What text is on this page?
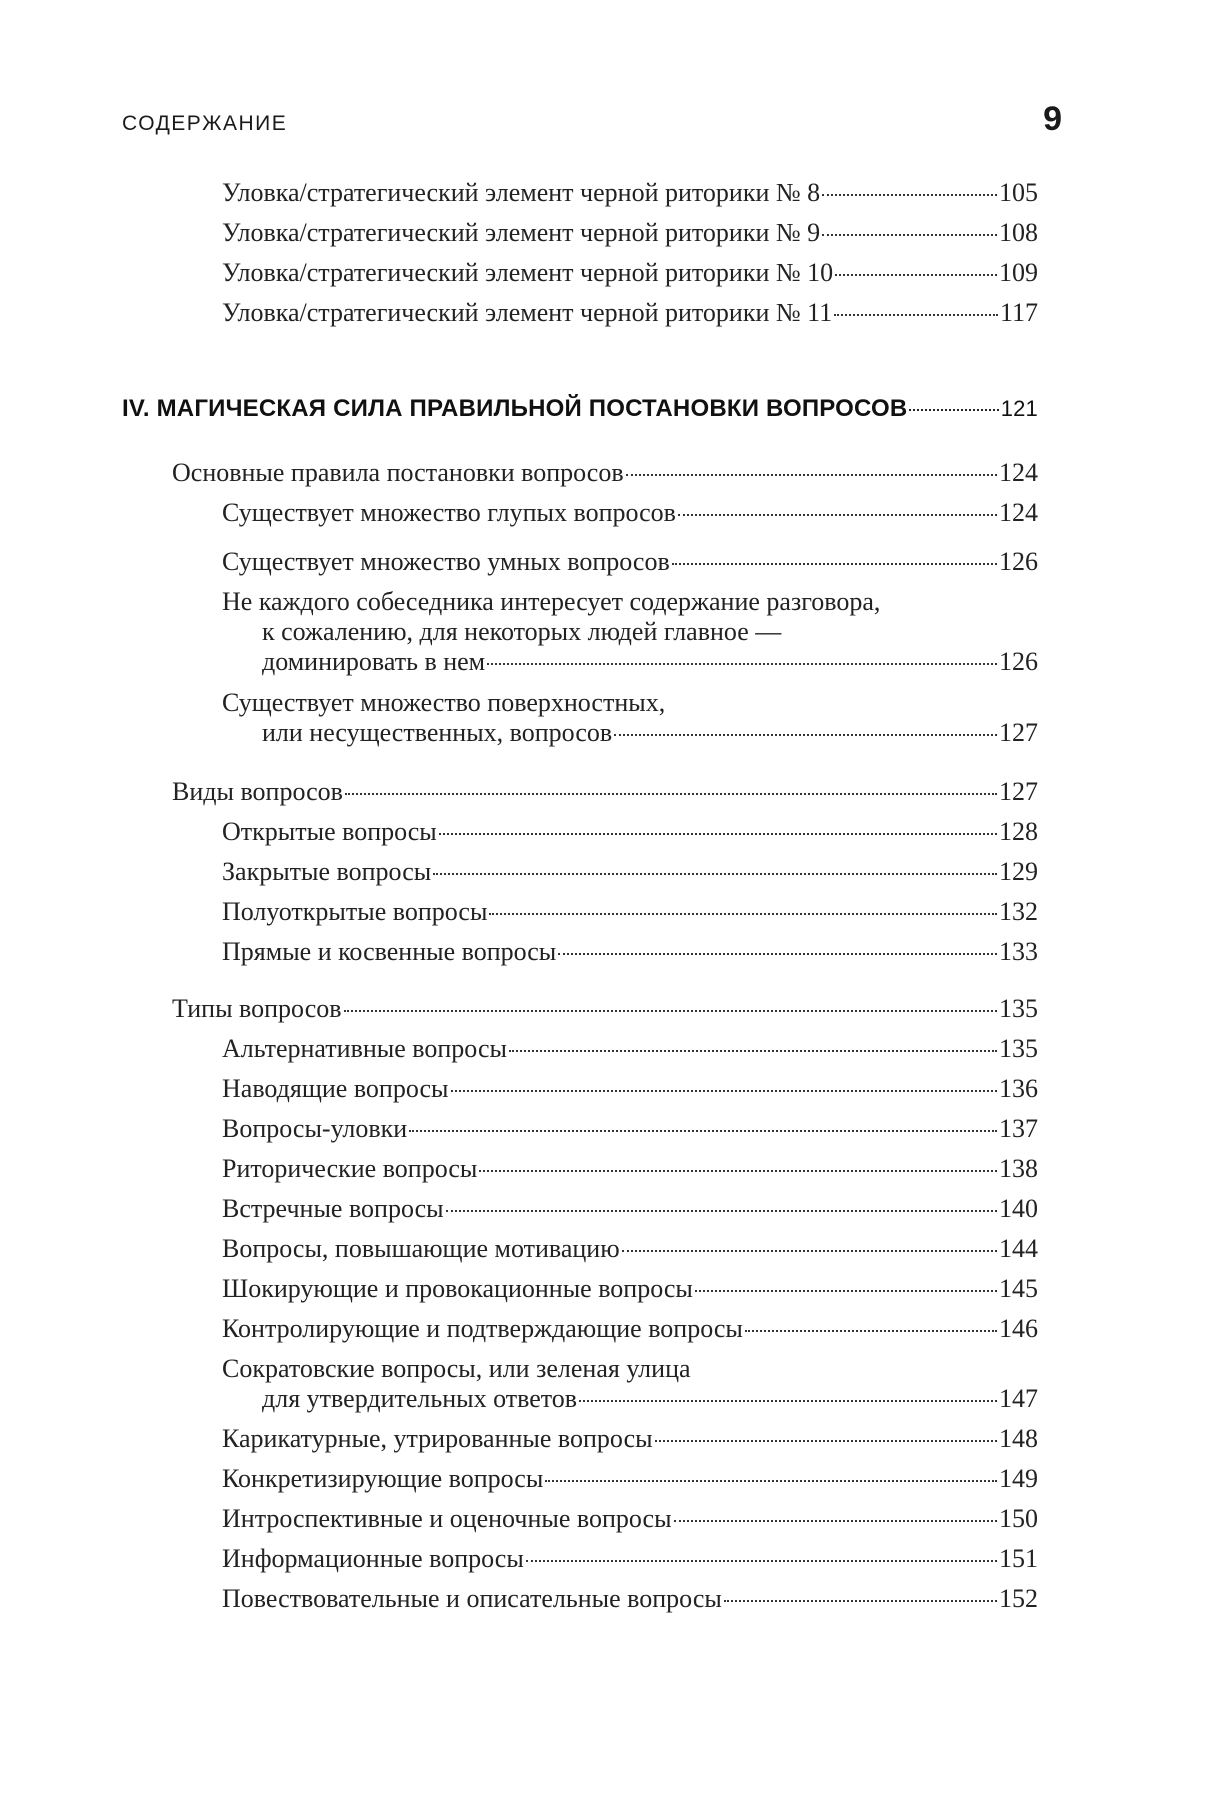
СОДЕРЖАНИЕ	9
Уловка/стратегический элемент черной риторики № 8	105
Уловка/стратегический элемент черной риторики № 9	108
Уловка/стратегический элемент черной риторики № 10	109
Уловка/стратегический элемент черной риторики № 11	117
IV. МАГИЧЕСКАЯ СИЛА ПРАВИЛЬНОЙ ПОСТАНОВКИ ВОПРОСОВ	121
Основные правила постановки вопросов	124
Существует множество глупых вопросов	124
Существует множество умных вопросов	126
Не каждого собеседника интересует содержание разговора,
к сожалению, для некоторых людей главное —
доминировать в нем	126
Существует множество поверхностных,
или несущественных, вопросов	127
Виды вопросов	127
Открытые вопросы	128
Закрытые вопросы	129
Полуоткрытые вопросы	132
Прямые и косвенные вопросы	133
Типы вопросов	135
Альтернативные вопросы	135
Наводящие вопросы	136
Вопросы-уловки	137
Риторические вопросы	138
Встречные вопросы	140
Вопросы, повышающие мотивацию	144
Шокирующие и провокационные вопросы	145
Контролирующие и подтверждающие вопросы	146
Сократовские вопросы, или зеленая улица
для утвердительных ответов	147
Карикатурные, утрированные вопросы	148
Конкретизирующие вопросы	149
Интроспективные и оценочные вопросы	150
Информационные вопросы	151
Повествовательные и описательные вопросы	152
